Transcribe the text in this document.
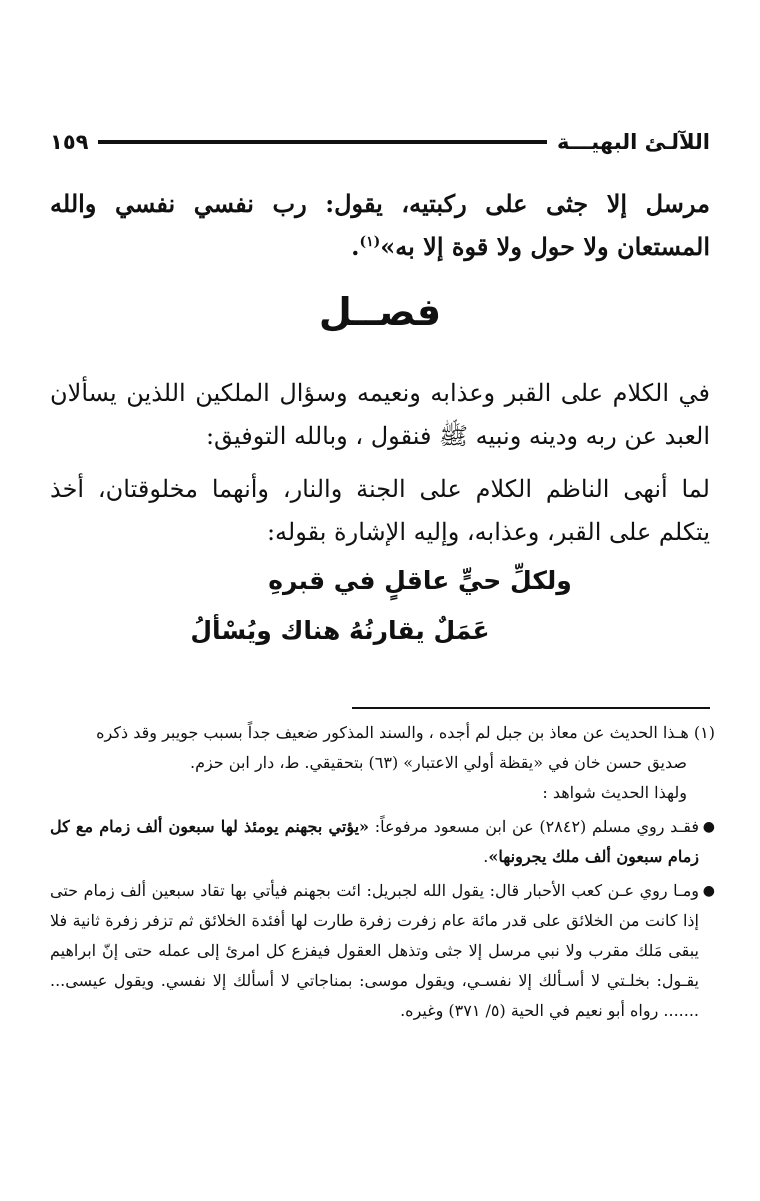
اللآلـئ البهيـــة
١٥٩

مرسل إلا جثى على ركبتيه، يقول: رب نفسي نفسي والله المستعان ولا حول ولا قوة إلا به»$^{(١)}$.

فصــل

في الكلام على القبر وعذابه ونعيمه وسؤال الملكين اللذين يسألان العبد عن ربه ودينه ونبيه ﷺ فنقول ، وبالله التوفيق:

لما أنهى الناظم الكلام على الجنة والنار، وأنهما مخلوقتان، أخذ يتكلم على القبر، وعذابه، وإليه الإشارة بقوله:

ولكلِّ حيٍّ عاقلٍ في قبرهِ
عَمَلٌ يقارنُهُ هناك ويُسْألُ

(١) هـذا الحديث عن معاذ بن جبل لم أجده ، والسند المذكور ضعيف جداً بسبب جويبر وقد ذكره

صديق حسن خان في «يقظة أولي الاعتبار» (٦٣) بتحقيقي. ط، دار ابن حزم.

ولهذا الحديث شواهد :

●
فقـد روي مسلم (٢٨٤٢) عن ابن مسعود مرفوعاً: «يؤتي بجهنم يومئذ لها سبعون ألف زمام مع كل زمام سبعون ألف ملك يجرونها».
●
ومـا روي عـن كعب الأحبار قال: يقول الله لجبريل: ائت بجهنم فيأتي بها تقاد سبعين ألف زمام حتى إذا كانت من الخلائق على قدر مائة عام زفرت زفرة طارت لها أفئدة الخلائق ثم تزفر زفرة ثانية فلا يبقى مَلك مقرب ولا نبي مرسل إلا جثى وتذهل العقول فيفزع كل امرئ إلى عمله حتى إنّ ابراهيم يقـول: بخلـتي لا أسـألك إلا نفسـي، ويقول موسى: بمناجاتي لا أسألك إلا نفسي. ويقول عيسى... ....... رواه أبو نعيم في الحية (٥/ ٣٧١) وغيره.
